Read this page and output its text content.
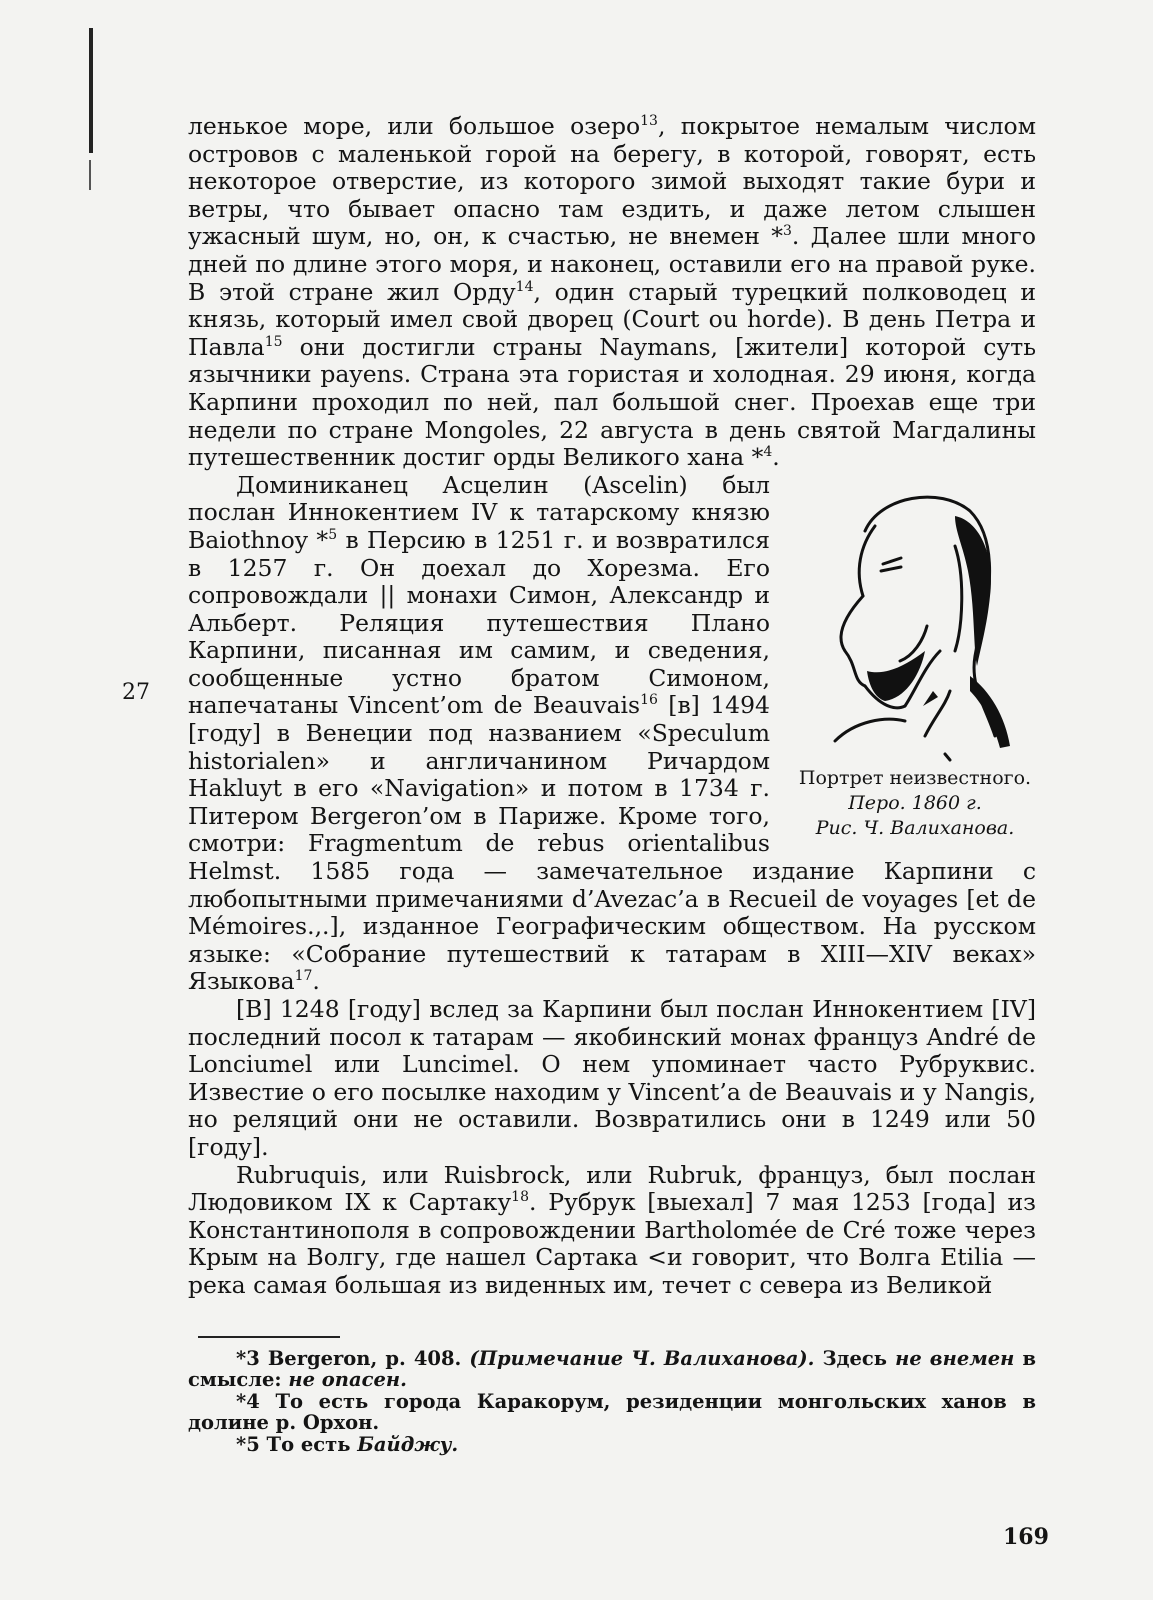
27

ленькое море, или большое озеро$^{13}$, покрытое немалым числом островов с маленькой горой на берегу, в которой, говорят, есть некоторое отверстие, из которого зимой выходят такие бури и ветры, что бывает опасно там ездить, и даже летом слышен ужасный шум, но, он, к счастью, не внемен *$^3$. Далее шли много дней по длине этого моря, и наконец, оставили его на правой руке. В этой стране жил Орду$^{14}$, один старый турецкий полководец и князь, который имел свой дворец (Court ou horde). В день Петра и Павла$^{15}$ они достигли страны Naymans, [жители] которой суть язычники payens. Страна эта гористая и холодная. 29 июня, когда Карпини проходил по ней, пал большой снег. Проехав еще три недели по стране Mongoles, 22 августа в день святой Магдалины путешественник достиг орды Великого хана *$^4$.

Портрет неизвестного.

Перо. 1860 г.

Рис. Ч. Валиханова.

Доминиканец Асцелин (Ascelin) был послан Иннокентием IV к татарскому князю Baiothnoy *$^5$ в Персию в 1251 г. и возвратился в 1257 г. Он доехал до Хорезма. Его сопровождали || монахи Симон, Александр и Альберт. Реляция путешествия Плано Карпини, писанная им самим, и сведения, сообщенные устно братом Симоном, напечатаны Vincent’om de Beauvais$^{16}$ [в] 1494 [году] в Венеции под названием «Speculum historialen» и англичанином Ричардом Hakluyt в его «Navigation» и потом в 1734 г. Питером Bergeron’ом в Париже. Кроме того, смотри: Fragmentum de rebus orientalibus Helmst. 1585 года — замечательное издание Карпини с любопытными примечаниями d’Avezac’a в Recueil de voyages [et de Mémoires.,.], изданное Географическим обществом. На русском языке: «Собрание путешествий к татарам в XIII—XIV веках» Языкова$^{17}$.

[В] 1248 [году] вслед за Карпини был послан Иннокентием [IV] последний посол к татарам — якобинский монах француз André de Lonciumel или Luncimel. О нем упоминает часто Рубруквис. Известие о его посылке находим у Vincent’a de Beauvais и у Nangis, но реляций они не оставили. Возвратились они в 1249 или 50 [году].

Rubruquis, или Ruisbrock, или Rubruk, француз, был послан Людовиком IX к Сартаку$^{18}$. Рубрук [выехал] 7 мая 1253 [года] из Константинополя в сопровождении Bartholomée de Cré тоже через Крым на Волгу, где нашел Сартака <и говорит, что Волга Etilia — река самая большая из виденных им, течет с севера из Великой

*3 Bergeron, p. 408. (Примечание Ч. Валиханова). Здесь не внемен в смысле: не опасен.

*4 То есть города Каракорум, резиденции монгольских ханов в долине р. Орхон.

*5 То есть Байджу.

169
